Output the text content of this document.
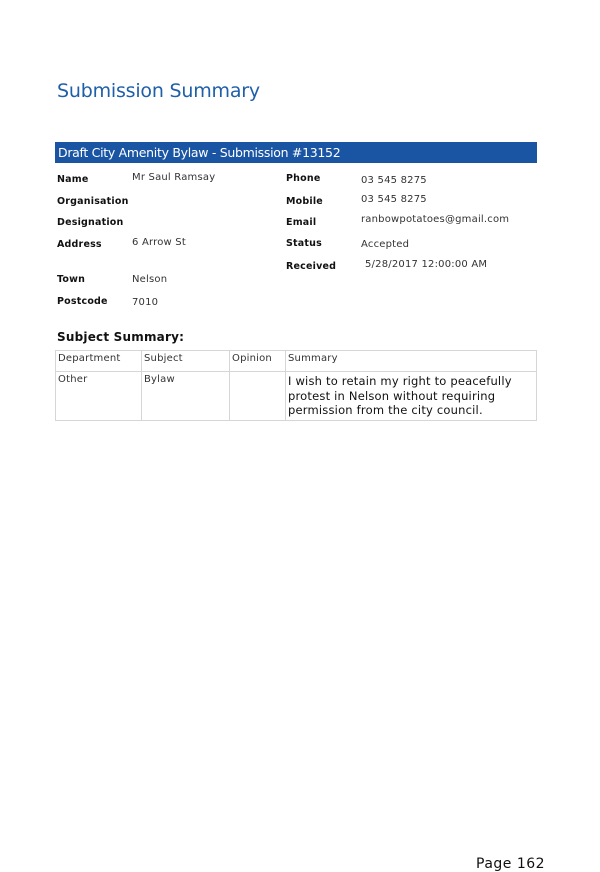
Submission Summary
Draft City Amenity Bylaw - Submission #13152
Name	Mr Saul Ramsay
Organisation
Designation
Address	6 Arrow St
Town	Nelson
Postcode 7010
Phone	03 545 8275
Mobile	03 545 8275
Email	ranbowpotatoes@gmail.com
Status	Accepted
Received	5/28/2017 12:00:00 AM
Subject Summary:
Department	Subject	Opinion	Summary
Other	Bylaw		I wish to retain my right to peacefully protest in Nelson without requiring permission from the city council.
Page 162
